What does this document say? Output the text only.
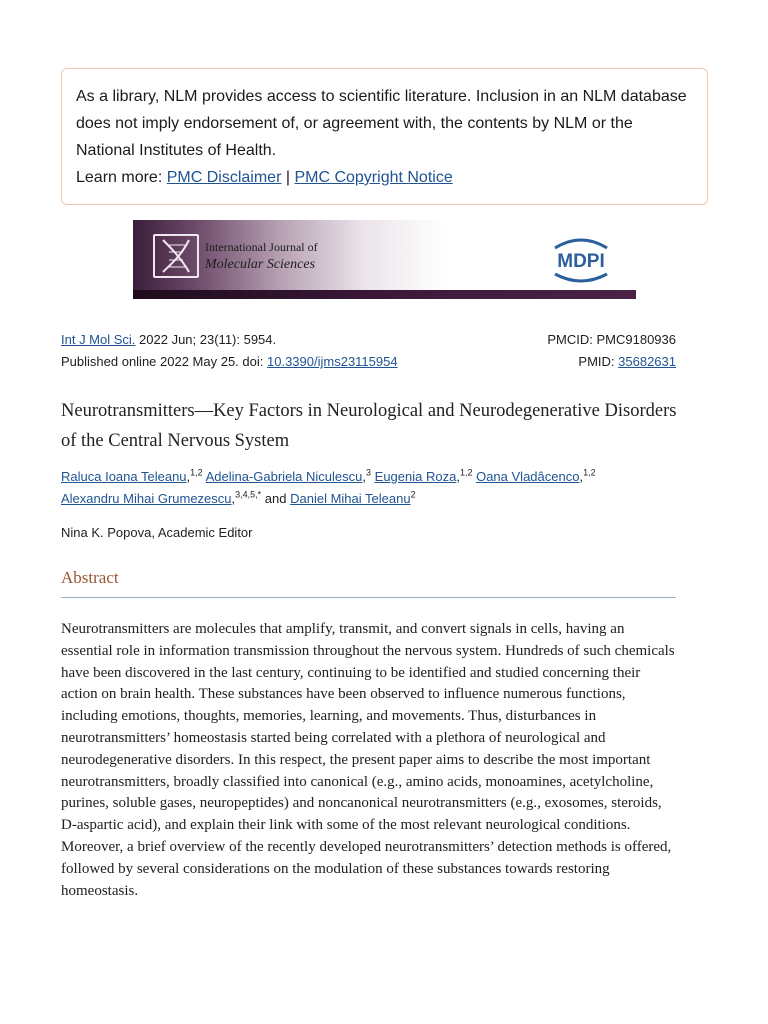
As a library, NLM provides access to scientific literature. Inclusion in an NLM database does not imply endorsement of, or agreement with, the contents by NLM or the National Institutes of Health.
Learn more: PMC Disclaimer | PMC Copyright Notice
International Journal of
Molecular Sciences	MDPI
Int J Mol Sci. 2022 Jun; 23(11): 5954.	PMCID: PMC9180936
Published online 2022 May 25. doi: 10.3390/ijms23115954	PMID: 35682631
Neurotransmitters—Key Factors in Neurological and Neurodegenerative Disorders of the Central Nervous System
Raluca Ioana Teleanu,$^{1,2}$ Adelina-Gabriela Niculescu,$^3$ Eugenia Roza,$^{1,2}$ Oana Vladâcenco,$^{1,2}$
Alexandru Mihai Grumezescu,$^{3,4,5,*}$ and Daniel Mihai Teleanu$^2$
Nina K. Popova, Academic Editor
Abstract

Neurotransmitters are molecules that amplify, transmit, and convert signals in cells, having an essential role in information transmission throughout the nervous system. Hundreds of such chemicals have been discovered in the last century, continuing to be identified and studied concerning their action on brain health. These substances have been observed to influence numerous functions, including emotions, thoughts, memories, learning, and movements. Thus, disturbances in neurotransmitters’ homeostasis started being correlated with a plethora of neurological and neurodegenerative disorders. In this respect, the present paper aims to describe the most important neurotransmitters, broadly classified into canonical (e.g., amino acids, monoamines, acetylcholine, purines, soluble gases, neuropeptides) and noncanonical neurotransmitters (e.g., exosomes, steroids, D-aspartic acid), and explain their link with some of the most relevant neurological conditions. Moreover, a brief overview of the recently developed neurotransmitters’ detection methods is offered, followed by several considerations on the modulation of these substances towards restoring homeostasis.
